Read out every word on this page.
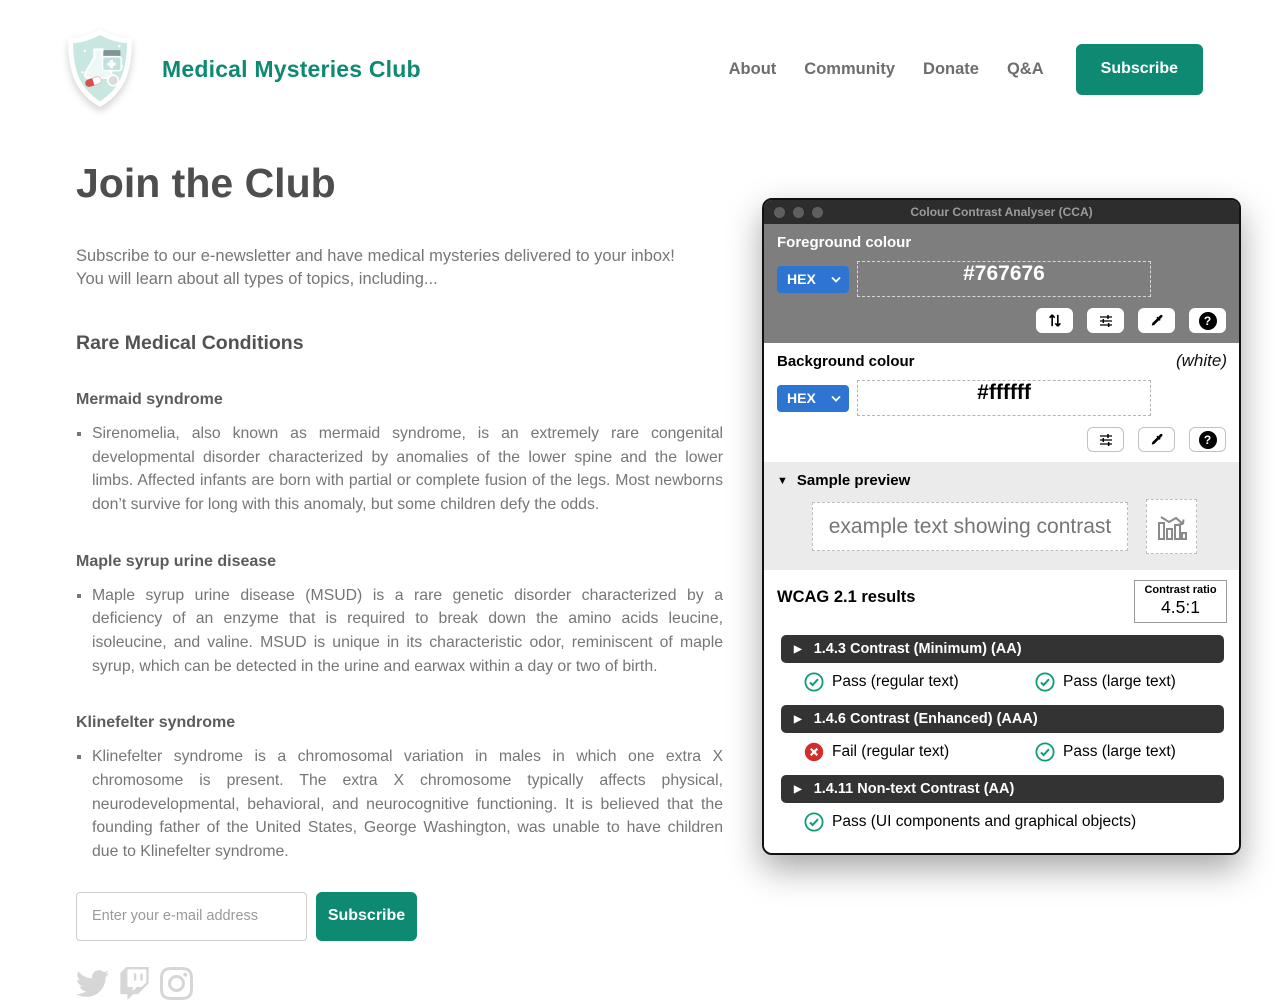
Medical Mysteries Club	About Community Donate Q&A	Subscribe
Join the Club

Subscribe to our e-newsletter and have medical mysteries delivered to your inbox! You will learn about all types of topics, including...

Rare Medical Conditions
Mermaid syndrome
▪ Sirenomelia, also known as mermaid syndrome, is an extremely rare congenital developmental disorder characterized by anomalies of the lower spine and the lower limbs. Affected infants are born with partial or complete fusion of the legs. Most newborns don’t survive for long with this anomaly, but some children defy the odds.
Maple syrup urine disease
▪ Maple syrup urine disease (MSUD) is a rare genetic disorder characterized by a deficiency of an enzyme that is required to break down the amino acids leucine, isoleucine, and valine. MSUD is unique in its characteristic odor, reminiscent of maple syrup, which can be detected in the urine and earwax within a day or two of birth.
Klinefelter syndrome
▪ Klinefelter syndrome is a chromosomal variation in males in which one extra X chromosome is present. The extra X chromosome typically affects physical, neurodevelopmental, behavioral, and neurocognitive functioning. It is believed that the founding father of the United States, George Washington, was unable to have children due to Klinefelter syndrome.
Enter your e-mail address
Subscribe
Colour Contrast Analyser (CCA)
Foreground colour
HEX	#767676
?
Background colour	(white)
HEX	#ffffff
?
▼ Sample preview
example text showing contrast
WCAG 2.1 results	Contrast ratio
4.5:1
▶ 1.4.3 Contrast (Minimum) (AA)
Pass (regular text)	Pass (large text)
▶ 1.4.6 Contrast (Enhanced) (AAA)
Fail (regular text)	Pass (large text)
▶ 1.4.11 Non-text Contrast (AA)
Pass (UI components and graphical objects)
